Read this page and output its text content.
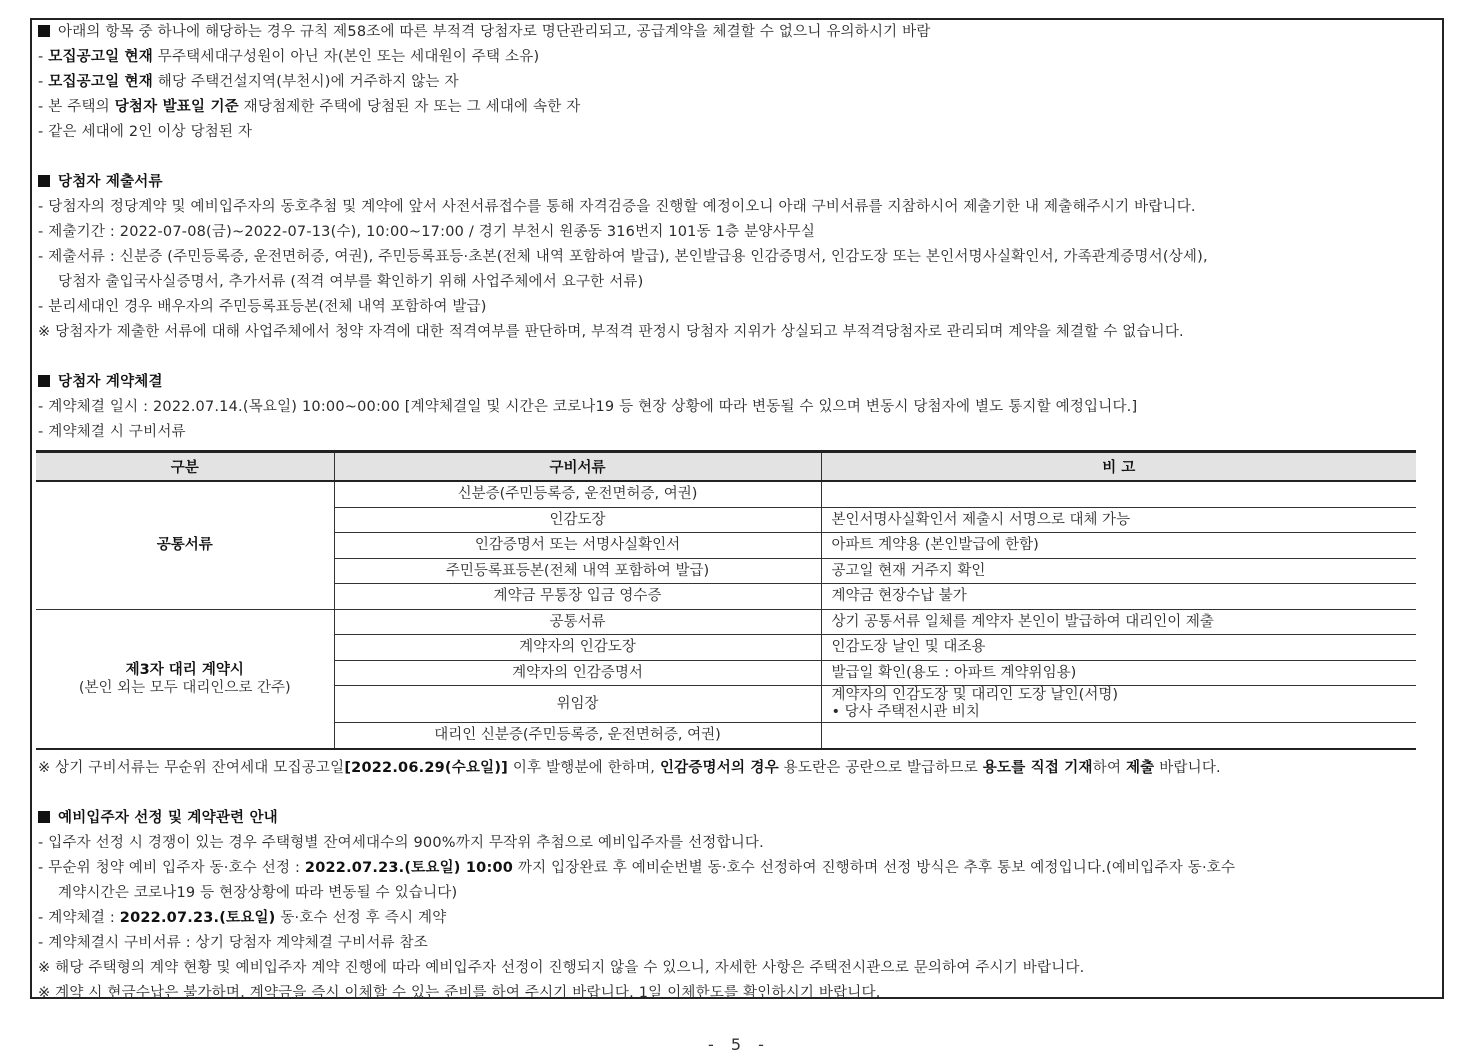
아래의 항목 중 하나에 해당하는 경우 규칙 제58조에 따른 부적격 당첨자로 명단관리되고, 공급계약을 체결할 수 없으니 유의하시기 바람
- 모집공고일 현재 무주택세대구성원이 아닌 자(본인 또는 세대원이 주택 소유)
- 모집공고일 현재 해당 주택건설지역(부천시)에 거주하지 않는 자
- 본 주택의 당첨자 발표일 기준 재당첨제한 주택에 당첨된 자 또는 그 세대에 속한 자
- 같은 세대에 2인 이상 당첨된 자
당첨자 제출서류
- 당첨자의 정당계약 및 예비입주자의 동호추첨 및 계약에 앞서 사전서류접수를 통해 자격검증을 진행할 예정이오니 아래 구비서류를 지참하시어 제출기한 내 제출해주시기 바랍니다.
- 제출기간 : 2022-07-08(금)~2022-07-13(수), 10:00~17:00 / 경기 부천시 원종동 316번지 101동 1층 분양사무실
- 제출서류 : 신분증 (주민등록증, 운전면허증, 여권), 주민등록표등·초본(전체 내역 포함하여 발급), 본인발급용 인감증명서, 인감도장 또는 본인서명사실확인서, 가족관계증명서(상세),
당첨자 출입국사실증명서, 추가서류 (적격 여부를 확인하기 위해 사업주체에서 요구한 서류)
- 분리세대인 경우 배우자의 주민등록표등본(전체 내역 포함하여 발급)
※ 당첨자가 제출한 서류에 대해 사업주체에서 청약 자격에 대한 적격여부를 판단하며, 부적격 판정시 당첨자 지위가 상실되고 부적격당첨자로 관리되며 계약을 체결할 수 없습니다.
당첨자 계약체결
- 계약체결 일시 : 2022.07.14.(목요일) 10:00~00:00 [계약체결일 및 시간은 코로나19 등 현장 상황에 따라 변동될 수 있으며 변동시 당첨자에 별도 통지할 예정입니다.]
- 계약체결 시 구비서류
구분	구비서류	비 고
공통서류	신분증(주민등록증, 운전면허증, 여권)	
	인감도장	본인서명사실확인서 제출시 서명으로 대체 가능
	인감증명서 또는 서명사실확인서	아파트 계약용 (본인발급에 한함)
	주민등록표등본(전체 내역 포함하여 발급)	공고일 현재 거주지 확인
	계약금 무통장 입금 영수증	계약금 현장수납 불가
제3자 대리 계약시
(본인 외는 모두 대리인으로 간주)	공통서류	상기 공통서류 일체를 계약자 본인이 발급하여 대리인이 제출
	계약자의 인감도장	인감도장 날인 및 대조용
	계약자의 인감증명서	발급일 확인(용도 : 아파트 계약위임용)
	위임장	계약자의 인감도장 및 대리인 도장 날인(서명)
• 당사 주택전시관 비치
	대리인 신분증(주민등록증, 운전면허증, 여권)	
※ 상기 구비서류는 무순위 잔여세대 모집공고일[2022.06.29(수요일)] 이후 발행분에 한하며, 인감증명서의 경우 용도란은 공란으로 발급하므로 용도를 직접 기재하여 제출 바랍니다.
예비입주자 선정 및 계약관련 안내
- 입주자 선정 시 경쟁이 있는 경우 주택형별 잔여세대수의 900%까지 무작위 추첨으로 예비입주자를 선정합니다.
- 무순위 청약 예비 입주자 동·호수 선정 : 2022.07.23.(토요일) 10:00 까지 입장완료 후 예비순번별 동·호수 선정하여 진행하며 선정 방식은 추후 통보 예정입니다.(예비입주자 동·호수
계약시간은 코로나19 등 현장상황에 따라 변동될 수 있습니다)
- 계약체결 : 2022.07.23.(토요일) 동·호수 선정 후 즉시 계약
- 계약체결시 구비서류 : 상기 당첨자 계약체결 구비서류 참조
※ 해당 주택형의 계약 현황 및 예비입주자 계약 진행에 따라 예비입주자 선정이 진행되지 않을 수 있으니, 자세한 사항은 주택전시관으로 문의하여 주시기 바랍니다.
※ 계약 시 현금수납은 불가하며, 계약금을 즉시 이체할 수 있는 준비를 하여 주시기 바랍니다. 1일 이체한도를 확인하시기 바랍니다.
- 5 -
